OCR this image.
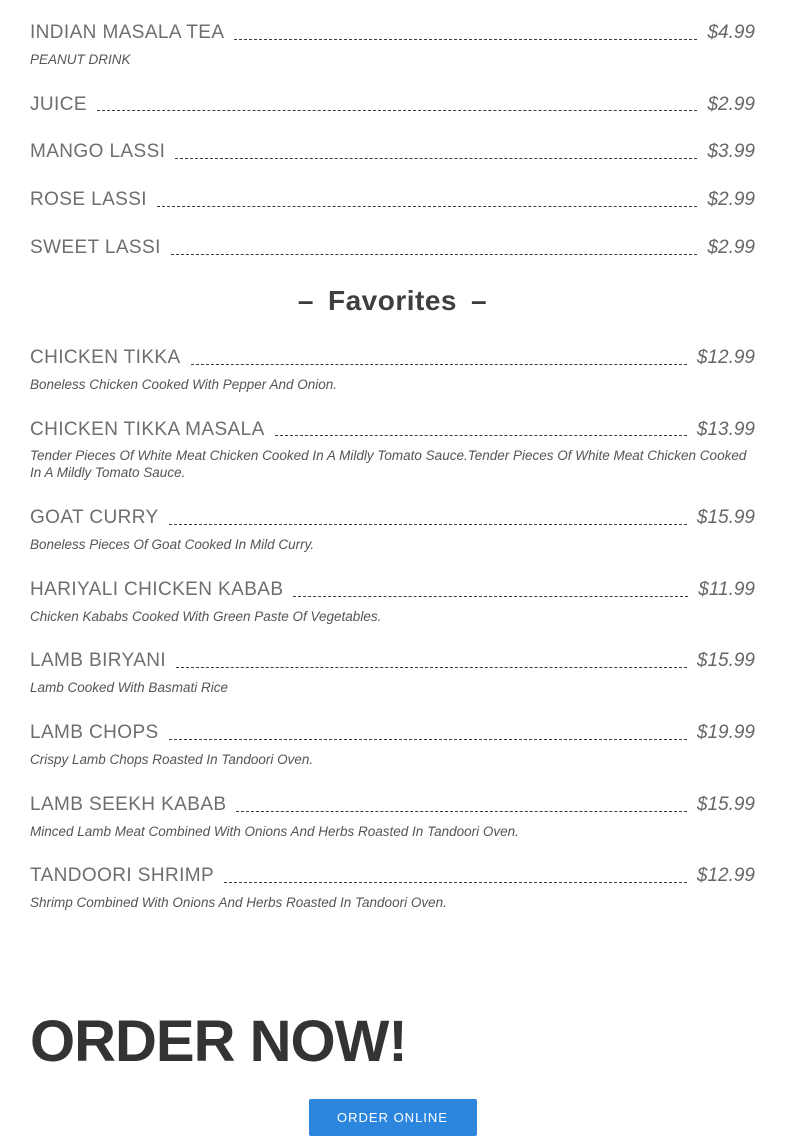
INDIAN MASALA TEA	$4.99
PEANUT DRINK
JUICE	$2.99
MANGO LASSI	$3.99
ROSE LASSI	$2.99
SWEET LASSI	$2.99
– Favorites –
CHICKEN TIKKA	$12.99
Boneless Chicken Cooked With Pepper And Onion.
CHICKEN TIKKA MASALA	$13.99
Tender Pieces Of White Meat Chicken Cooked In A Mildly Tomato Sauce.Tender Pieces Of White Meat Chicken Cooked In A Mildly Tomato Sauce.
GOAT CURRY	$15.99
Boneless Pieces Of Goat Cooked In Mild Curry.
HARIYALI CHICKEN KABAB	$11.99
Chicken Kababs Cooked With Green Paste Of Vegetables.
LAMB BIRYANI	$15.99
Lamb Cooked With Basmati Rice
LAMB CHOPS	$19.99
Crispy Lamb Chops Roasted In Tandoori Oven.
LAMB SEEKH KABAB	$15.99
Minced Lamb Meat Combined With Onions And Herbs Roasted In Tandoori Oven.
TANDOORI SHRIMP	$12.99
Shrimp Combined With Onions And Herbs Roasted In Tandoori Oven.
ORDER NOW!
ORDER ONLINE
